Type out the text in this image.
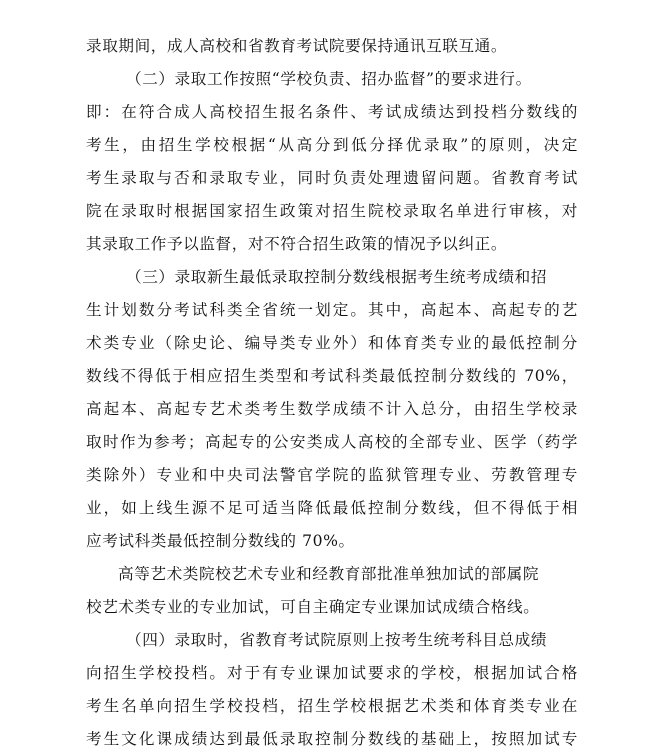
录取期间，成人高校和省教育考试院要保持通讯互联互通。
（二）录取工作按照“学校负责、招办监督”的要求进行。
即：在符合成人高校招生报名条件、考试成绩达到投档分数线的
考生，由招生学校根据“从高分到低分择优录取”的原则，决定
考生录取与否和录取专业，同时负责处理遗留问题。省教育考试
院在录取时根据国家招生政策对招生院校录取名单进行审核，对
其录取工作予以监督，对不符合招生政策的情况予以纠正。
（三）录取新生最低录取控制分数线根据考生统考成绩和招
生计划数分考试科类全省统一划定。其中，高起本、高起专的艺
术类专业（除史论、编导类专业外）和体育类专业的最低控制分
数线不得低于相应招生类型和考试科类最低控制分数线的 70%，
高起本、高起专艺术类考生数学成绩不计入总分，由招生学校录
取时作为参考；高起专的公安类成人高校的全部专业、医学（药学
类除外）专业和中央司法警官学院的监狱管理专业、劳教管理专
业，如上线生源不足可适当降低最低控制分数线，但不得低于相
应考试科类最低控制分数线的 70%。
高等艺术类院校艺术专业和经教育部批准单独加试的部属院
校艺术类专业的专业加试，可自主确定专业课加试成绩合格线。
（四）录取时，省教育考试院原则上按考生统考科目总成绩
向招生学校投档。对于有专业课加试要求的学校，根据加试合格
考生名单向招生学校投档，招生学校根据艺术类和体育类专业在
考生文化课成绩达到最低录取控制分数线的基础上，按照加试专
